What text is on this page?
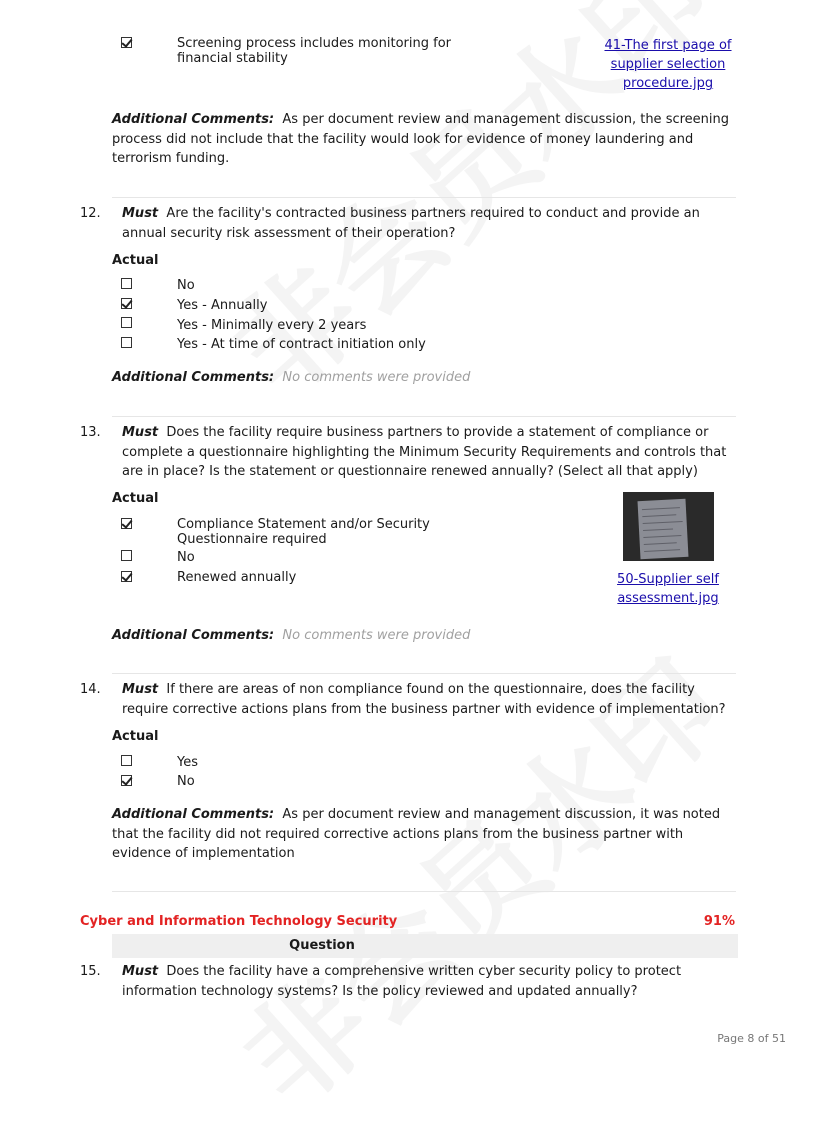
Screening process includes monitoring for financial stability
41-The first page of supplier selection procedure.jpg
Additional Comments: As per document review and management discussion, the screening process did not include that the facility would look for evidence of money laundering and terrorism funding.
12. Must Are the facility's contracted business partners required to conduct and provide an annual security risk assessment of their operation?
Actual
No
Yes - Annually
Yes - Minimally every 2 years
Yes - At time of contract initiation only
Additional Comments: No comments were provided
13. Must Does the facility require business partners to provide a statement of compliance or complete a questionnaire highlighting the Minimum Security Requirements and controls that are in place? Is the statement or questionnaire renewed annually? (Select all that apply)
Actual
Compliance Statement and/or Security Questionnaire required
No
Renewed annually	50-Supplier self assessment.jpg
Additional Comments: No comments were provided
14. Must If there are areas of non compliance found on the questionnaire, does the facility require corrective actions plans from the business partner with evidence of implementation?
Actual
Yes
No
Additional Comments: As per document review and management discussion, it was noted that the facility did not required corrective actions plans from the business partner with evidence of implementation
Cyber and Information Technology Security	91%
Question
15. Must Does the facility have a comprehensive written cyber security policy to protect information technology systems? Is the policy reviewed and updated annually?
Page 8 of 51
